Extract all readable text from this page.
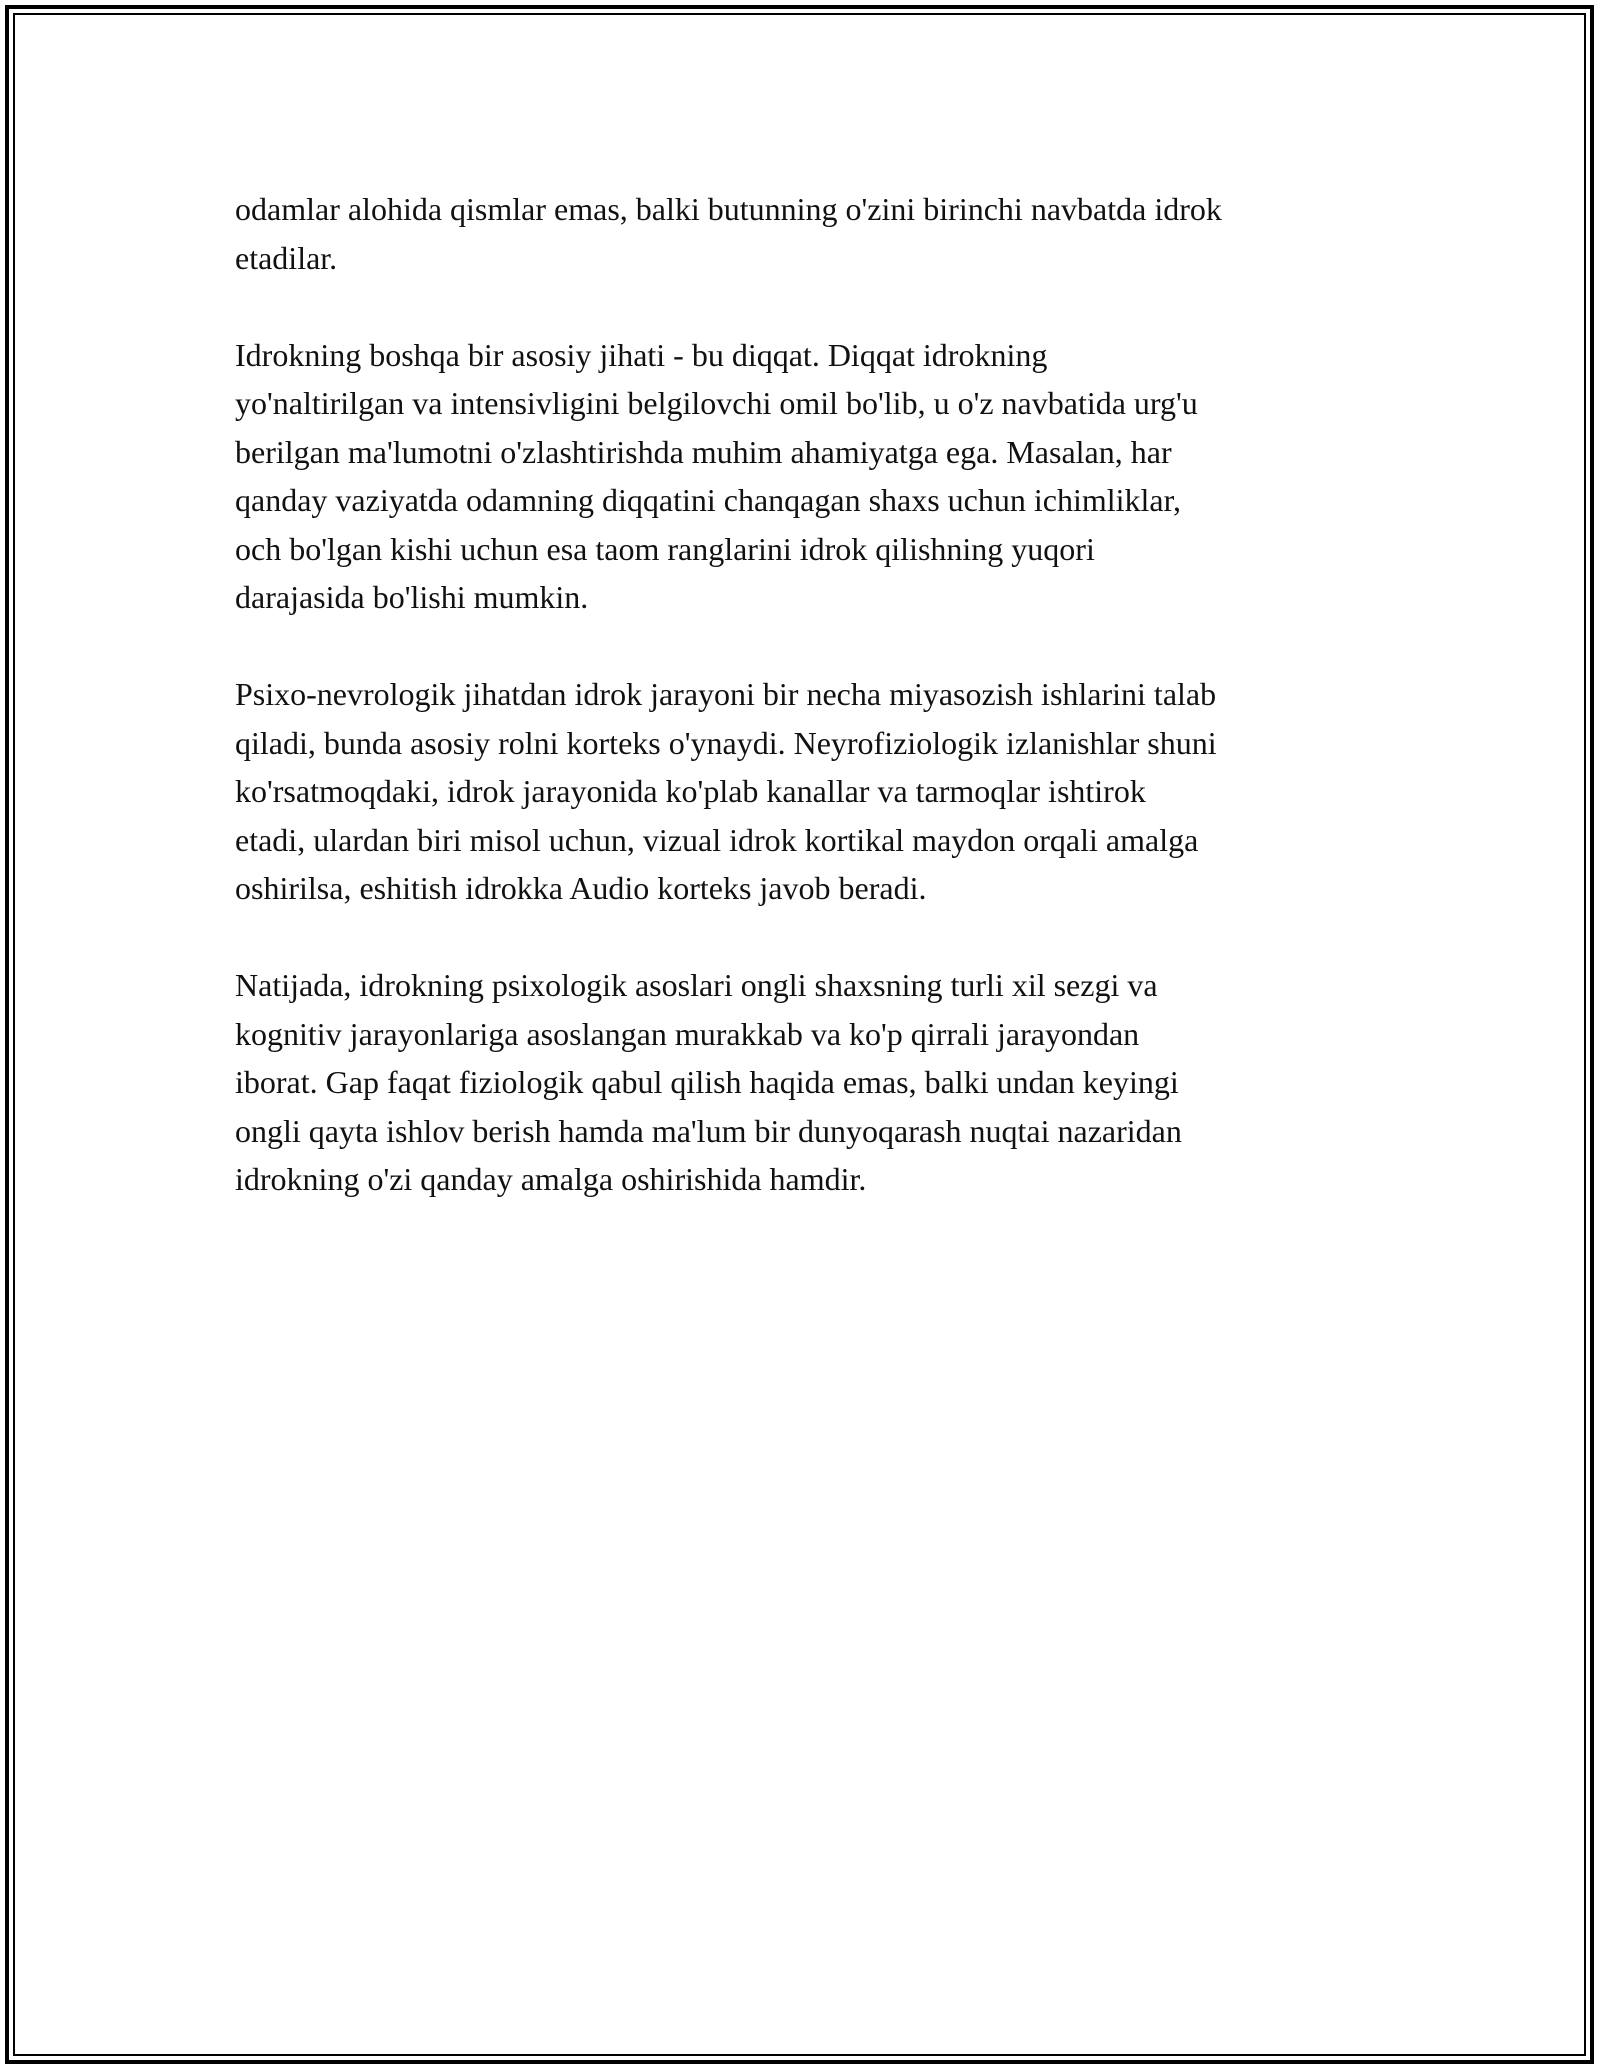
odamlar alohida qismlar emas, balki butunning o'zini birinchi navbatda idrok
etadilar.

Idrokning boshqa bir asosiy jihati - bu diqqat. Diqqat idrokning
yo'naltirilgan va intensivligini belgilovchi omil bo'lib, u o'z navbatida urg'u
berilgan ma'lumotni o'zlashtirishda muhim ahamiyatga ega. Masalan, har
qanday vaziyatda odamning diqqatini chanqagan shaxs uchun ichimliklar,
och bo'lgan kishi uchun esa taom ranglarini idrok qilishning yuqori
darajasida bo'lishi mumkin.

Psixo-nevrologik jihatdan idrok jarayoni bir necha miyasozish ishlarini talab
qiladi, bunda asosiy rolni korteks o'ynaydi. Neyrofiziologik izlanishlar shuni
ko'rsatmoqdaki, idrok jarayonida ko'plab kanallar va tarmoqlar ishtirok
etadi, ulardan biri misol uchun, vizual idrok kortikal maydon orqali amalga
oshirilsa, eshitish idrokka Audio korteks javob beradi.

Natijada, idrokning psixologik asoslari ongli shaxsning turli xil sezgi va
kognitiv jarayonlariga asoslangan murakkab va ko'p qirrali jarayondan
iborat. Gap faqat fiziologik qabul qilish haqida emas, balki undan keyingi
ongli qayta ishlov berish hamda ma'lum bir dunyoqarash nuqtai nazaridan
idrokning o'zi qanday amalga oshirishida hamdir.
